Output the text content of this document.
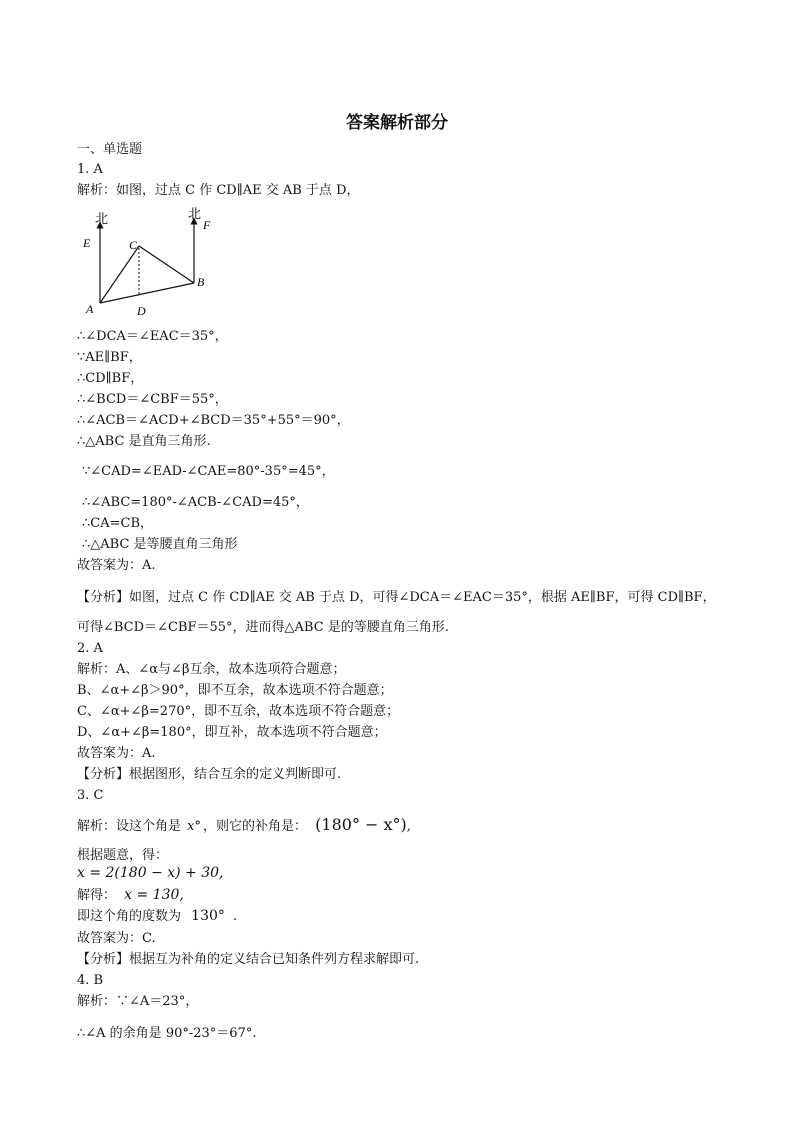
答案解析部分
一、单选题
1. A
解析：如图，过点 C 作 CD∥AE 交 AB 于点 D，
北	北
E	C
F
B
A	D
∴∠DCA＝∠EAC＝35°，
∵AE∥BF，
∴CD∥BF，
∴∠BCD＝∠CBF＝55°，
∴∠ACB＝∠ACD+∠BCD＝35°+55°＝90°，
∴△ABC 是直角三角形.
∵∠CAD=∠EAD-∠CAE=80°-35°=45°，
∴∠ABC=180°-∠ACB-∠CAD=45°，
∴CA=CB，
∴△ABC 是等腰直角三角形
故答案为：A.
【分析】如图，过点 C 作 CD∥AE 交 AB 于点 D，可得∠DCA＝∠EAC＝35°，根据 AE∥BF，可得 CD∥BF，
可得∠BCD＝∠CBF＝55°，进而得△ABC 是的等腰直角三角形.
2. A
解析：A、∠α与∠β互余，故本选项符合题意；
B、∠α+∠β＞90°，即不互余，故本选项不符合题意；
C、∠α+∠β=270°，即不互余，故本选项不符合题意；
D、∠α+∠β=180°，即互补，故本选项不符合题意；
故答案为：A.
【分析】根据图形，结合互余的定义判断即可.
3. C
解析：设这个角是 x° ，则它的补角是： (180° − x°),
根据题意，得：
x = 2(180 − x) + 30,
解得： x = 130,
即这个角的度数为 130° .
故答案为：C.
【分析】根据互为补角的定义结合已知条件列方程求解即可.
4. B
解析：∵∠A＝23°，
∴∠A 的余角是 90°-23°＝67°.
